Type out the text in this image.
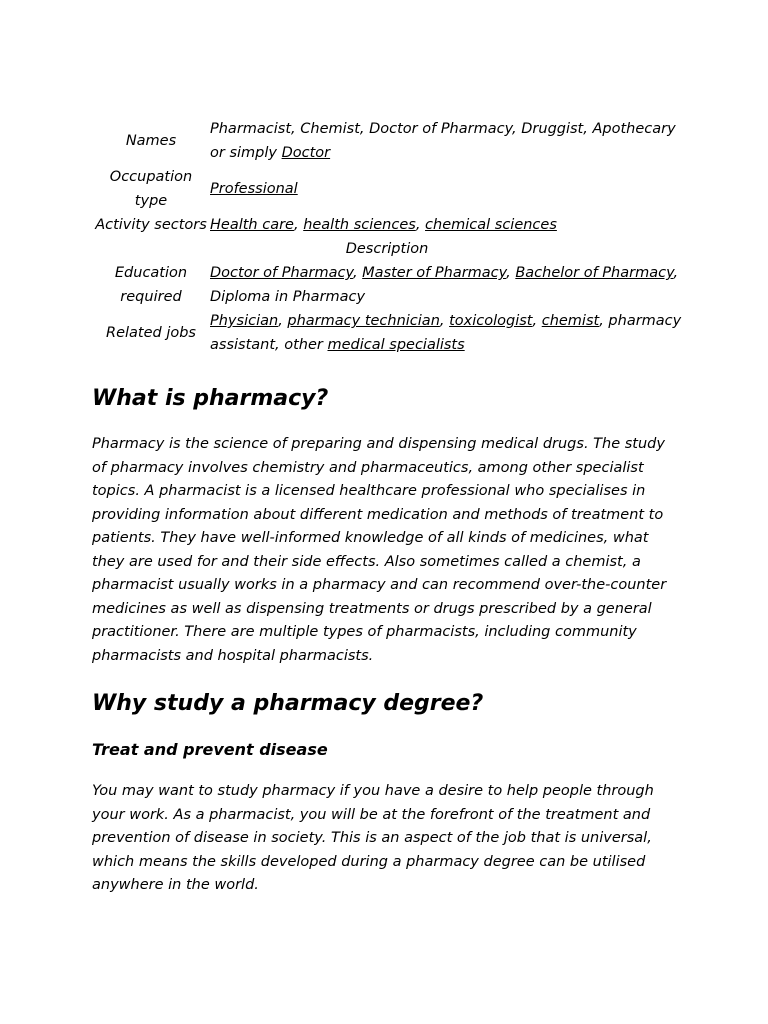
Names	Pharmacist, Chemist, Doctor of Pharmacy, Druggist, Apothecary or simply Doctor
Occupation type	Professional
Activity sectors	Health care, health sciences, chemical sciences
Description	
Education required	Doctor of Pharmacy, Master of Pharmacy, Bachelor of Pharmacy, Diploma in Pharmacy
Related jobs	Physician, pharmacy technician, toxicologist, chemist, pharmacy assistant, other medical specialists
What is pharmacy?

Pharmacy is the science of preparing and dispensing medical drugs. The study of pharmacy involves chemistry and pharmaceutics, among other specialist topics. A pharmacist is a licensed healthcare professional who specialises in providing information about different medication and methods of treatment to patients. They have well-informed knowledge of all kinds of medicines, what they are used for and their side effects. Also sometimes called a chemist, a pharmacist usually works in a pharmacy and can recommend over-the-counter medicines as well as dispensing treatments or drugs prescribed by a general practitioner. There are multiple types of pharmacists, including community pharmacists and hospital pharmacists.

Why study a pharmacy degree?
Treat and prevent disease

You may want to study pharmacy if you have a desire to help people through your work. As a pharmacist, you will be at the forefront of the treatment and prevention of disease in society. This is an aspect of the job that is universal, which means the skills developed during a pharmacy degree can be utilised anywhere in the world.
